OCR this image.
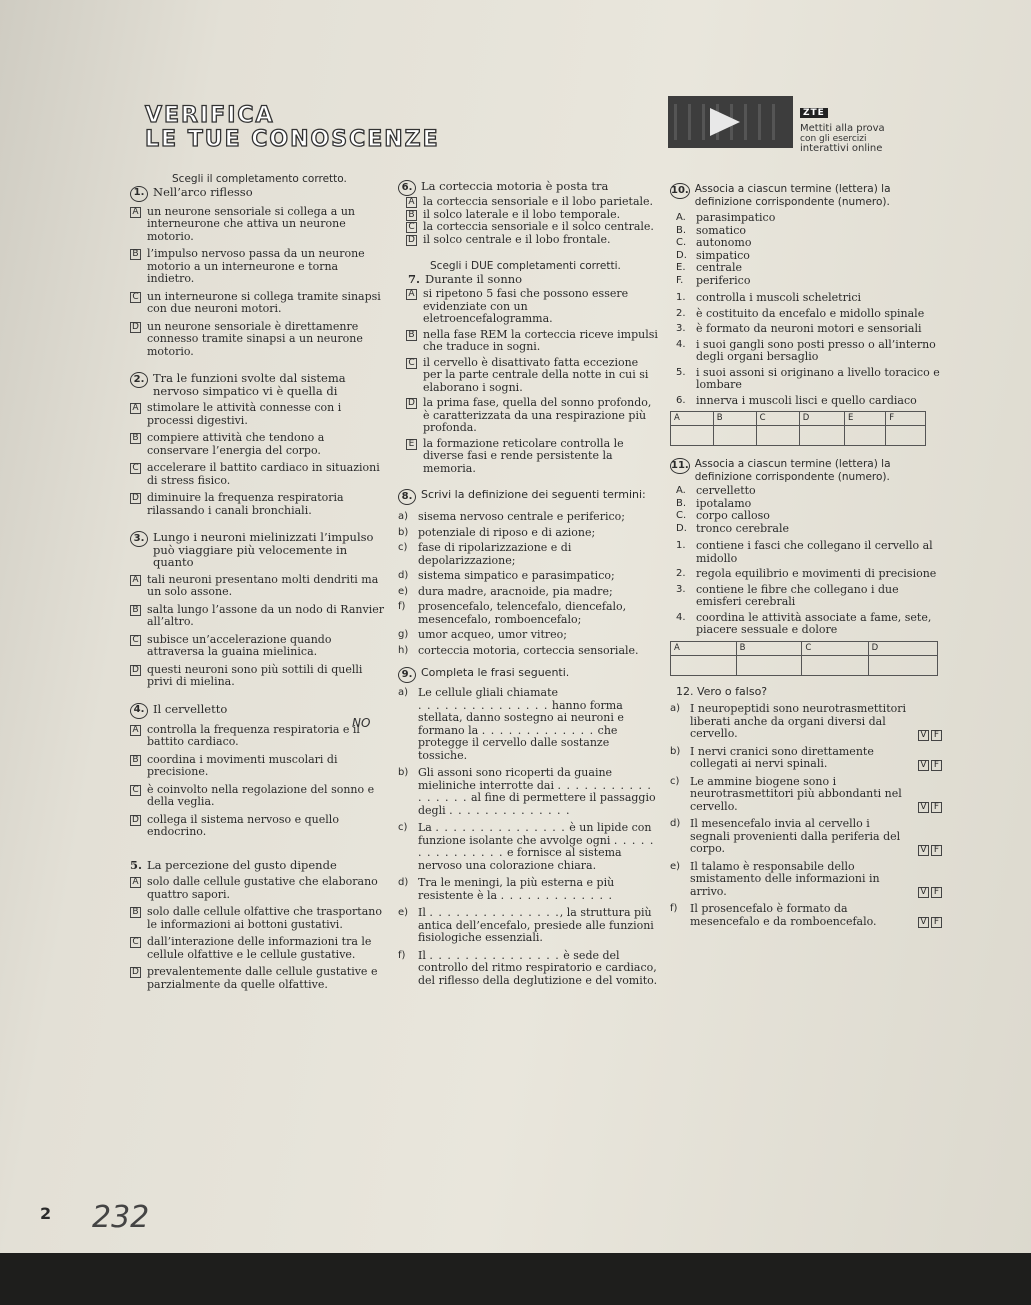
VERIFICA
LE TUE CONOSCENZE
ZTE
Mettiti alla prova
con gli esercizi
interattivi online
Scegli il completamento corretto.
1. Nell’arco riflesso
A un neurone sensoriale si collega a un interneurone che attiva un neurone motorio.
B l’impulso nervoso passa da un neurone motorio a un interneurone e torna indietro.
C un interneurone si collega tramite sinapsi con due neuroni motori.
D un neurone sensoriale è direttamenre connesso tramite sinapsi a un neurone motorio.
2. Tra le funzioni svolte dal sistema nervoso simpatico vi è quella di
A stimolare le attività connesse con i processi digestivi.
B compiere attività che tendono a conservare l’energia del corpo.
C accelerare il battito cardiaco in situazioni di stress fisico.
D diminuire la frequenza respiratoria rilassando i canali bronchiali.
3. Lungo i neuroni mielinizzati l’impulso può viaggiare più velocemente in quanto
A tali neuroni presentano molti dendriti ma un solo assone.
B salta lungo l’assone da un nodo di Ranvier all’altro.
C subisce un’accelerazione quando attraversa la guaina mielinica.
D questi neuroni sono più sottili di quelli privi di mielina.
4. Il cervelletto
A controlla la frequenza respiratoria e il battito cardiaco.
B coordina i movimenti muscolari di precisione.
C è coinvolto nella regolazione del sonno e della veglia.
D collega il sistema nervoso e quello endocrino.
5. La percezione del gusto dipende
A solo dalle cellule gustative che elaborano quattro sapori.
B solo dalle cellule olfattive che trasportano le informazioni ai bottoni gustativi.
C dall’interazione delle informazioni tra le cellule olfattive e le cellule gustative.
D prevalentemente dalle cellule gustative e parzialmente da quelle olfattive.
6. La corteccia motoria è posta tra
A la corteccia sensoriale e il lobo parietale.
B il solco laterale e il lobo temporale.
C la corteccia sensoriale e il solco centrale.
D il solco centrale e il lobo frontale.
Scegli i DUE completamenti corretti.
7. Durante il sonno
A si ripetono 5 fasi che possono essere evidenziate con un eletroencefalogramma.
B nella fase REM la corteccia riceve impulsi che traduce in sogni.
C il cervello è disattivato fatta eccezione per la parte centrale della notte in cui si elaborano i sogni.
D la prima fase, quella del sonno profondo, è caratterizzata da una respirazione più profonda.
E la formazione reticolare controlla le diverse fasi e rende persistente la memoria.
8. Scrivi la definizione dei seguenti termini:
a) sisema nervoso centrale e periferico;
b) potenziale di riposo e di azione;
c) fase di ripolarizzazione e di depolarizzazione;
d) sistema simpatico e parasimpatico;
e) dura madre, aracnoide, pia madre;
f)	prosencefalo, telencefalo, diencefalo, mesencefalo, romboencefalo;
g) umor acqueo, umor vitreo;
h) corteccia motoria, corteccia sensoriale.
9. Completa le frasi seguenti.
a) Le cellule gliali chiamate
. . . . . . . . . . . . . . . hanno forma stellata, danno sostegno ai neuroni e formano la . . . . . . . . . . . . . che protegge il cervello dalle sostanze tossiche.
b) Gli assoni sono ricoperti da guaine mieliniche interrotte dai . . . . . . . . . . . . . . . . . al fine di permettere il passaggio degli . . . . . . . . . . . . . .
c) La . . . . . . . . . . . . . . . è un lipide con funzione isolante che avvolge ogni . . . . . . . . . . . . . . . e fornisce al sistema nervoso una colorazione chiara.
d) Tra le meningi, la più esterna e più resistente è la . . . . . . . . . . . . .
e) Il . . . . . . . . . . . . . . ., la struttura più antica dell’encefalo, presiede alle funzioni fisiologiche essenziali.
f)	Il . . . . . . . . . . . . . . . è sede del controllo del ritmo respiratorio e cardiaco, del riflesso della deglutizione e del vomito.
10. Associa a ciascun termine (lettera) la definizione corrispondente (numero).
A. parasimpatico
B. somatico
C. autonomo
D. simpatico
E. centrale
F.	periferico
1. controlla i muscoli scheletrici
2. è costituito da encefalo e midollo spinale
3. è formato da neuroni motori e sensoriali
4. i suoi gangli sono posti presso o all’interno degli organi bersaglio
5. i suoi assoni si originano a livello toracico e lombare
6. innerva i muscoli lisci e quello cardiaco
A	B	C	D	E	F

11. Associa a ciascun termine (lettera) la definizione corrispondente (numero).
A. cervelletto
B. ipotalamo
C. corpo calloso
D. tronco cerebrale
1. contiene i fasci che collegano il cervello al midollo
2. regola equilibrio e movimenti di precisione
3. contiene le fibre che collegano i due emisferi cerebrali
4. coordina le attività associate a fame, sete, piacere sessuale e dolore
A	B	C	D

12. Vero o falso?
a) I neuropeptidi sono neurotrasmettitori liberati anche da organi diversi dal cervello.	V F
b) I nervi cranici sono direttamente collegati ai nervi spinali.	V F
c) Le ammine biogene sono i neurotrasmettitori più abbondanti nel cervello.	V F
d) Il mesencefalo invia al cervello i segnali provenienti dalla periferia del corpo.	V F
e) Il talamo è responsabile dello smistamento delle informazioni in arrivo.	V F
f)	Il prosencefalo è formato da mesencefalo e da romboencefalo.	V F
NO
2 232
